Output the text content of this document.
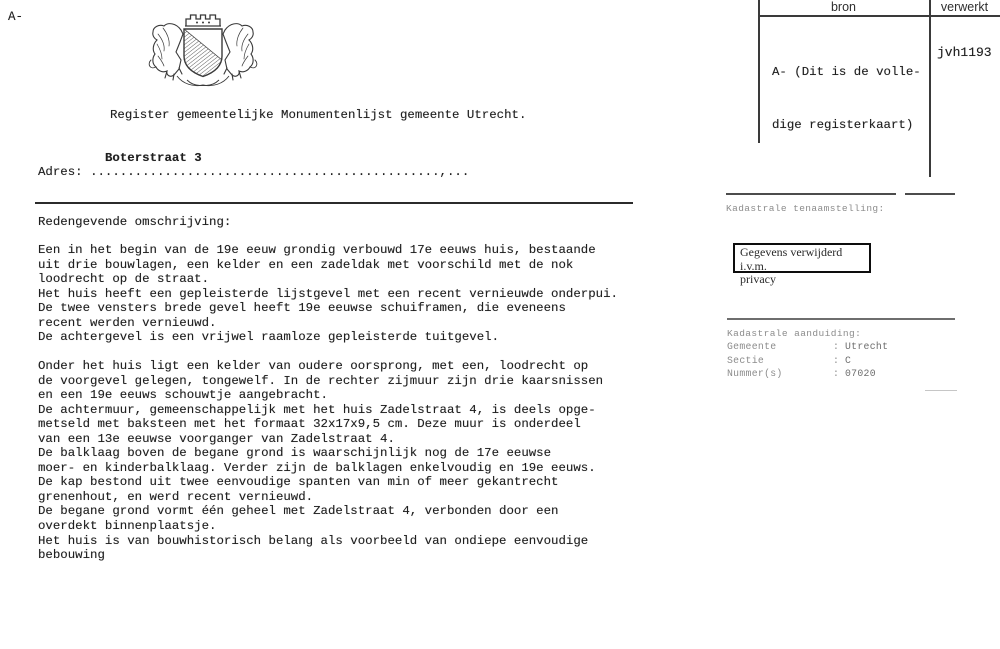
A-
Register gemeentelijke Monumentenlijst gemeente Utrecht.
Boterstraat 3
Adres: ...............................................,...
Redengevende omschrijving:
Een in het begin van de 19e eeuw grondig verbouwd 17e eeuws huis, bestaande
uit drie bouwlagen, een kelder en een zadeldak met voorschild met de nok
loodrecht op de straat.
Het huis heeft een gepleisterde lijstgevel met een recent vernieuwde onderpui.
De twee vensters brede gevel heeft 19e eeuwse schuiframen, die eveneens
recent werden vernieuwd.
De achtergevel is een vrijwel raamloze gepleisterde tuitgevel.
Onder het huis ligt een kelder van oudere oorsprong, met een, loodrecht op
de voorgevel gelegen, tongewelf. In de rechter zijmuur zijn drie kaarsnissen
en een 19e eeuws schouwtje aangebracht.
De achtermuur, gemeenschappelijk met het huis Zadelstraat 4, is deels opge-
metseld met baksteen met het formaat 32x17x9,5 cm. Deze muur is onderdeel
van een 13e eeuwse voorganger van Zadelstraat 4.
De balklaag boven de begane grond is waarschijnlijk nog de 17e eeuwse
moer- en kinderbalklaag. Verder zijn de balklagen enkelvoudig en 19e eeuws.
De kap bestond uit twee eenvoudige spanten van min of meer gekantrecht
grenenhout, en werd recent vernieuwd.
De begane grond vormt één geheel met Zadelstraat 4, verbonden door een
overdekt binnenplaatsje.
Het huis is van bouwhistorisch belang als voorbeeld van ondiepe eenvoudige
bebouwing
bron	verwerkt

A- (Dit is de volle-

dige registerkaart)

jvh1193
Kadastrale tenaamstelling:
Gegevens verwijderd i.v.m.
privacy
Kadastrale aanduiding:
Gemeente	: Utrecht
Sectie	: C
Nummer(s)	: 07020
